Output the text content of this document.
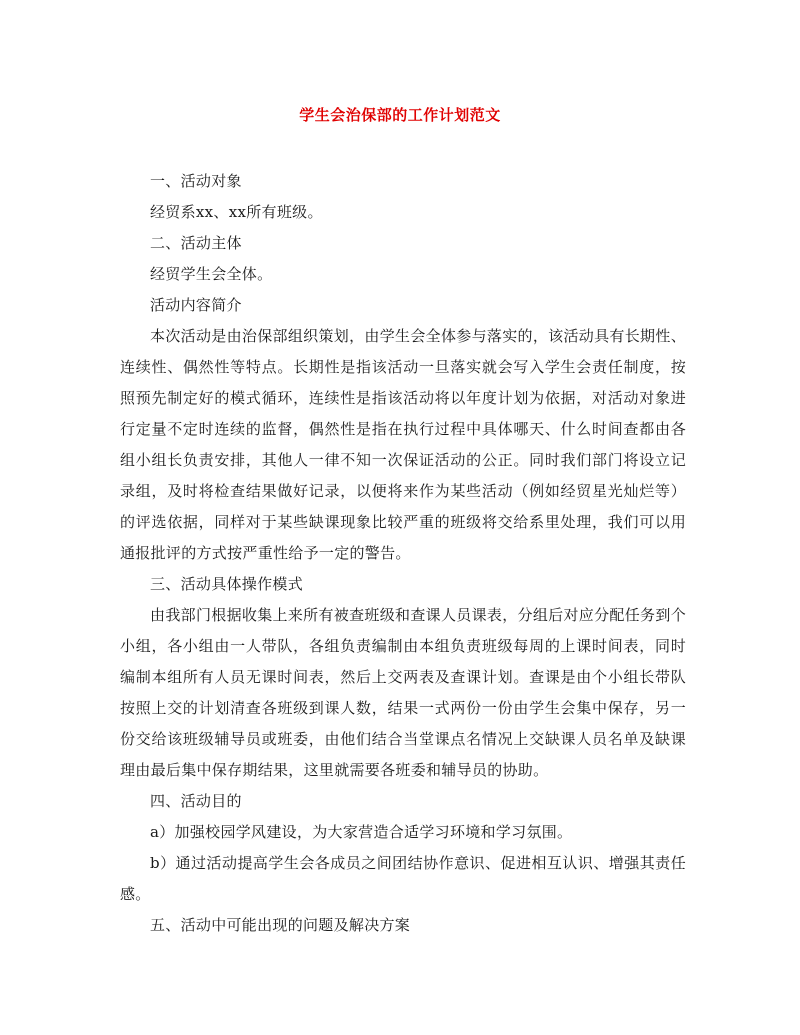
学生会治保部的工作计划范文

一、活动对象

经贸系xx、xx所有班级。

二、活动主体

经贸学生会全体。

活动内容简介

本次活动是由治保部组织策划，由学生会全体参与落实的，该活动具有长期性、连续性、偶然性等特点。长期性是指该活动一旦落实就会写入学生会责任制度，按照预先制定好的模式循环，连续性是指该活动将以年度计划为依据，对活动对象进行定量不定时连续的监督，偶然性是指在执行过程中具体哪天、什么时间查都由各组小组长负责安排，其他人一律不知一次保证活动的公正。同时我们部门将设立记录组，及时将检查结果做好记录，以便将来作为某些活动（例如经贸星光灿烂等）的评选依据，同样对于某些缺课现象比较严重的班级将交给系里处理，我们可以用通报批评的方式按严重性给予一定的警告。

三、活动具体操作模式

由我部门根据收集上来所有被查班级和查课人员课表，分组后对应分配任务到个小组，各小组由一人带队，各组负责编制由本组负责班级每周的上课时间表，同时编制本组所有人员无课时间表，然后上交两表及查课计划。查课是由个小组长带队按照上交的计划清查各班级到课人数，结果一式两份一份由学生会集中保存，另一份交给该班级辅导员或班委，由他们结合当堂课点名情况上交缺课人员名单及缺课理由最后集中保存期结果，这里就需要各班委和辅导员的协助。

四、活动目的

a）加强校园学风建设，为大家营造合适学习环境和学习氛围。

b）通过活动提高学生会各成员之间团结协作意识、促进相互认识、增强其责任感。

五、活动中可能出现的问题及解决方案
